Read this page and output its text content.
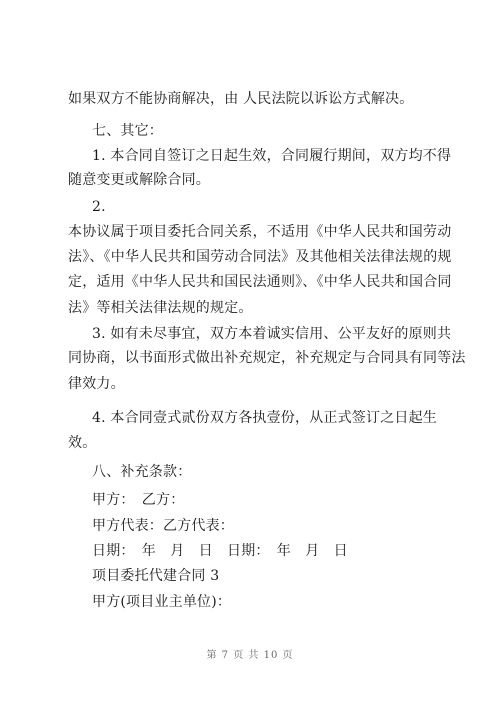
如果双方不能协商解决，由 人民法院以诉讼方式解决。
七、其它：
1. 本合同自签订之日起生效，合同履行期间，双方均不得
随意变更或解除合同。
2.
本协议属于项目委托合同关系，不适用《中华人民共和国劳动
法》、《中华人民共和国劳动合同法》及其他相关法律法规的规
定，适用《中华人民共和国民法通则》、《中华人民共和国合同
法》等相关法律法规的规定。
3. 如有未尽事宜，双方本着诚实信用、公平友好的原则共
同协商，以书面形式做出补充规定，补充规定与合同具有同等法
律效力。
4. 本合同壹式贰份双方各执壹份，从正式签订之日起生
效。
八、补充条款：
甲方：　乙方：
甲方代表：乙方代表：
日期：　年　月　日　日期：　年　月　日
项目委托代建合同 3
甲方(项目业主单位)：
第 7 页 共 10 页
